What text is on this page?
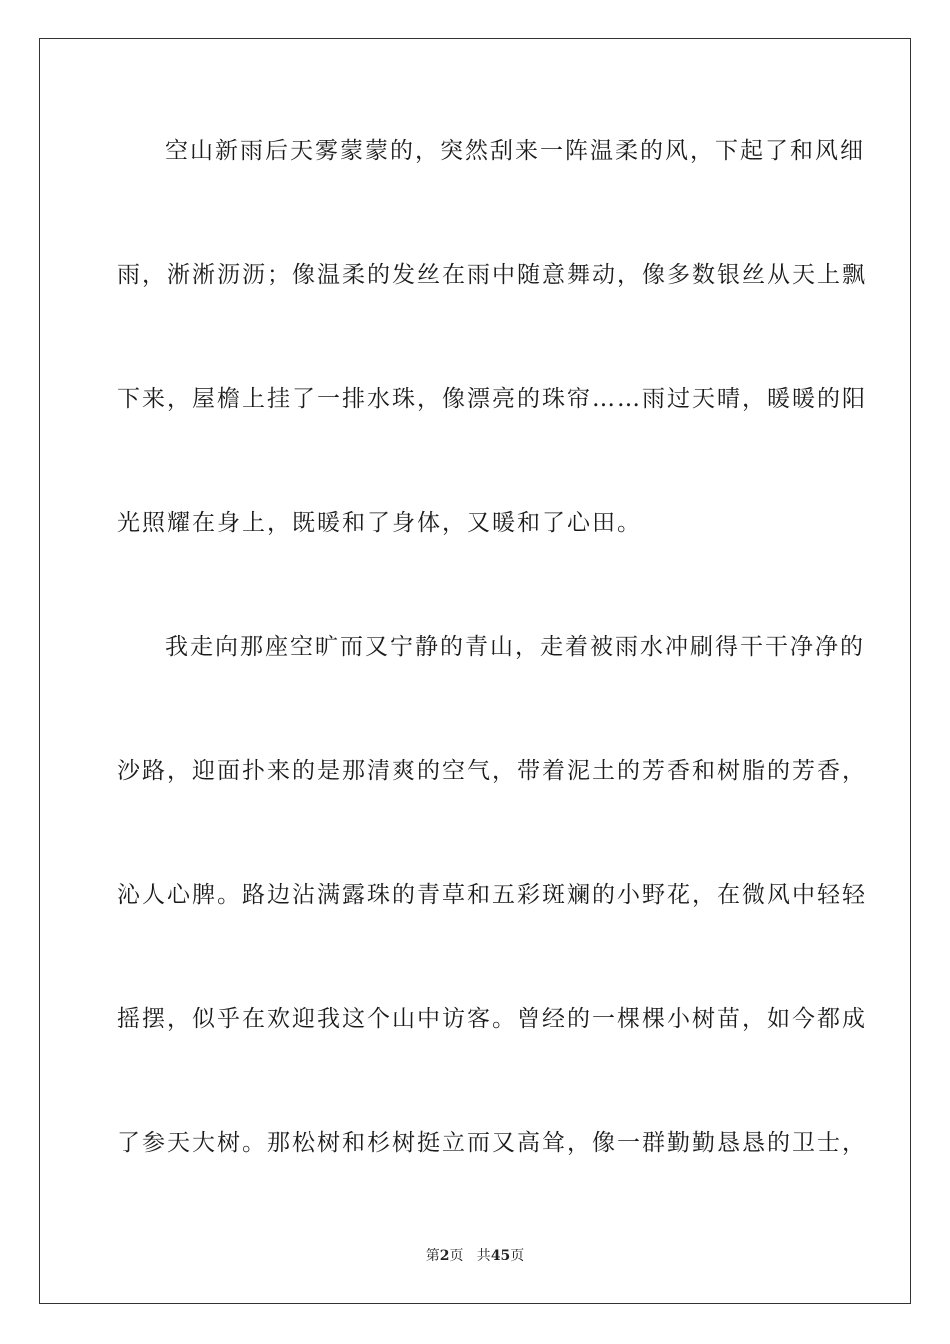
空山新雨后天雾蒙蒙的，突然刮来一阵温柔的风，下起了和风细
雨，淅淅沥沥；像温柔的发丝在雨中随意舞动，像多数银丝从天上飘
下来，屋檐上挂了一排水珠，像漂亮的珠帘……雨过天晴，暖暖的阳
光照耀在身上，既暖和了身体，又暖和了心田。
我走向那座空旷而又宁静的青山，走着被雨水冲刷得干干净净的
沙路，迎面扑来的是那清爽的空气，带着泥土的芳香和树脂的芳香，
沁人心脾。路边沾满露珠的青草和五彩斑斓的小野花，在微风中轻轻
摇摆，似乎在欢迎我这个山中访客。曾经的一棵棵小树苗，如今都成
了参天大树。那松树和杉树挺立而又高耸，像一群勤勤恳恳的卫士，
第2页   共45页
